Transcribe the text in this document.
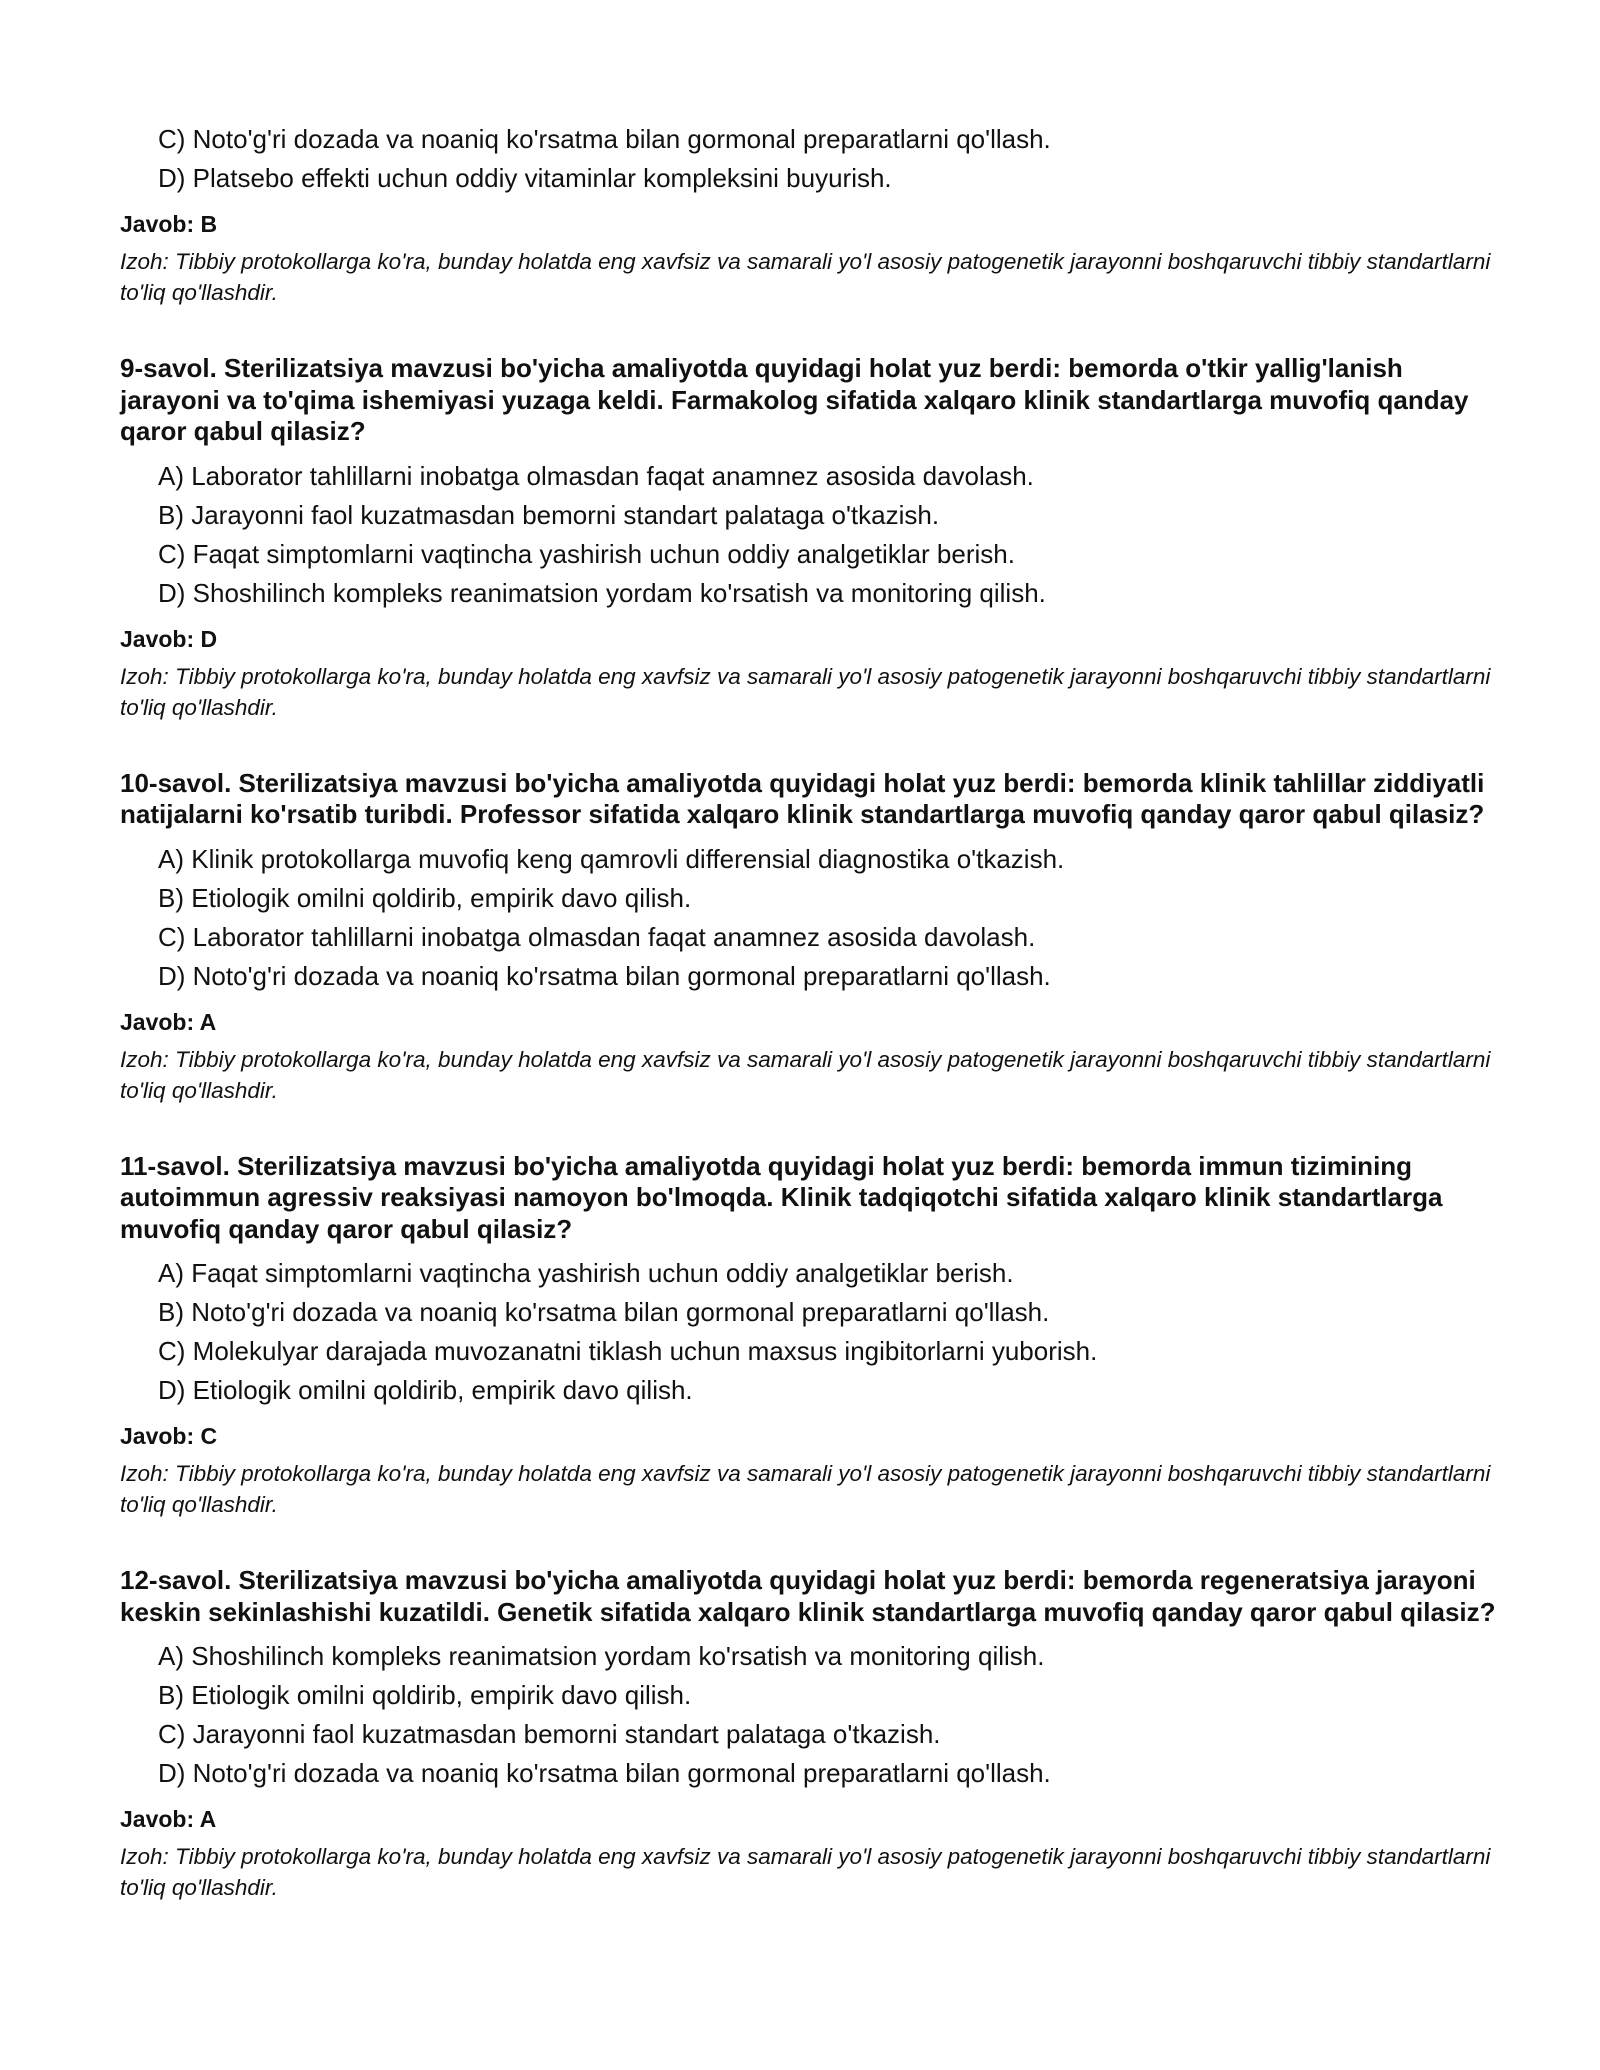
C) Noto'g'ri dozada va noaniq ko'rsatma bilan gormonal preparatlarni qo'llash.
D) Platsebo effekti uchun oddiy vitaminlar kompleksini buyurish.
Javob: B
Izoh: Tibbiy protokollarga ko'ra, bunday holatda eng xavfsiz va samarali yo'l asosiy patogenetik jarayonni boshqaruvchi tibbiy standartlarni to'liq qo'llashdir.
9-savol. Sterilizatsiya mavzusi bo'yicha amaliyotda quyidagi holat yuz berdi: bemorda o'tkir yallig'lanish jarayoni va to'qima ishemiyasi yuzaga keldi. Farmakolog sifatida xalqaro klinik standartlarga muvofiq qanday qaror qabul qilasiz?
A) Laborator tahlillarni inobatga olmasdan faqat anamnez asosida davolash.
B) Jarayonni faol kuzatmasdan bemorni standart palataga o'tkazish.
C) Faqat simptomlarni vaqtincha yashirish uchun oddiy analgetiklar berish.
D) Shoshilinch kompleks reanimatsion yordam ko'rsatish va monitoring qilish.
Javob: D
Izoh: Tibbiy protokollarga ko'ra, bunday holatda eng xavfsiz va samarali yo'l asosiy patogenetik jarayonni boshqaruvchi tibbiy standartlarni to'liq qo'llashdir.
10-savol. Sterilizatsiya mavzusi bo'yicha amaliyotda quyidagi holat yuz berdi: bemorda klinik tahlillar ziddiyatli natijalarni ko'rsatib turibdi. Professor sifatida xalqaro klinik standartlarga muvofiq qanday qaror qabul qilasiz?
A) Klinik protokollarga muvofiq keng qamrovli differensial diagnostika o'tkazish.
B) Etiologik omilni qoldirib, empirik davo qilish.
C) Laborator tahlillarni inobatga olmasdan faqat anamnez asosida davolash.
D) Noto'g'ri dozada va noaniq ko'rsatma bilan gormonal preparatlarni qo'llash.
Javob: A
Izoh: Tibbiy protokollarga ko'ra, bunday holatda eng xavfsiz va samarali yo'l asosiy patogenetik jarayonni boshqaruvchi tibbiy standartlarni to'liq qo'llashdir.
11-savol. Sterilizatsiya mavzusi bo'yicha amaliyotda quyidagi holat yuz berdi: bemorda immun tizimining autoimmun agressiv reaksiyasi namoyon bo'lmoqda. Klinik tadqiqotchi sifatida xalqaro klinik standartlarga muvofiq qanday qaror qabul qilasiz?
A) Faqat simptomlarni vaqtincha yashirish uchun oddiy analgetiklar berish.
B) Noto'g'ri dozada va noaniq ko'rsatma bilan gormonal preparatlarni qo'llash.
C) Molekulyar darajada muvozanatni tiklash uchun maxsus ingibitorlarni yuborish.
D) Etiologik omilni qoldirib, empirik davo qilish.
Javob: C
Izoh: Tibbiy protokollarga ko'ra, bunday holatda eng xavfsiz va samarali yo'l asosiy patogenetik jarayonni boshqaruvchi tibbiy standartlarni to'liq qo'llashdir.
12-savol. Sterilizatsiya mavzusi bo'yicha amaliyotda quyidagi holat yuz berdi: bemorda regeneratsiya jarayoni keskin sekinlashishi kuzatildi. Genetik sifatida xalqaro klinik standartlarga muvofiq qanday qaror qabul qilasiz?
A) Shoshilinch kompleks reanimatsion yordam ko'rsatish va monitoring qilish.
B) Etiologik omilni qoldirib, empirik davo qilish.
C) Jarayonni faol kuzatmasdan bemorni standart palataga o'tkazish.
D) Noto'g'ri dozada va noaniq ko'rsatma bilan gormonal preparatlarni qo'llash.
Javob: A
Izoh: Tibbiy protokollarga ko'ra, bunday holatda eng xavfsiz va samarali yo'l asosiy patogenetik jarayonni boshqaruvchi tibbiy standartlarni to'liq qo'llashdir.
